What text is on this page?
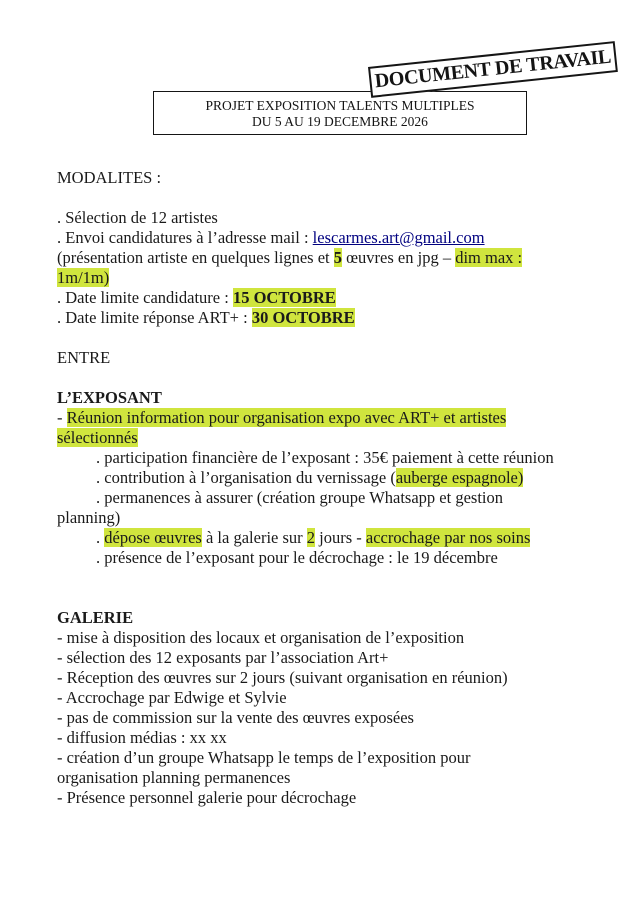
DOCUMENT DE TRAVAIL
PROJET EXPOSITION TALENTS MULTIPLES
DU 5 AU 19 DECEMBRE 2026
MODALITES :

. Sélection de 12 artistes
. Envoi candidatures à l’adresse mail : lescarmes.art@gmail.com
(présentation artiste en quelques lignes et 5 œuvres en jpg – dim max :
1m/1m)
. Date limite candidature : 15 OCTOBRE
. Date limite réponse ART+ : 30 OCTOBRE

ENTRE

L’EXPOSANT
- Réunion information pour organisation expo avec ART+ et artistes
sélectionnés
. participation financière de l’exposant : 35€ paiement à cette réunion
. contribution à l’organisation du vernissage (auberge espagnole)
. permanences à assurer (création groupe Whatsapp et gestion
planning)
. dépose œuvres à la galerie sur 2 jours - accrochage par nos soins
. présence de l’exposant pour le décrochage : le 19 décembre

GALERIE
- mise à disposition des locaux et organisation de l’exposition
- sélection des 12 exposants par l’association Art+
- Réception des œuvres sur 2 jours (suivant organisation en réunion)
- Accrochage par Edwige et Sylvie
- pas de commission sur la vente des œuvres exposées
- diffusion médias : xx xx
- création d’un groupe Whatsapp le temps de l’exposition pour
organisation planning permanences
- Présence personnel galerie pour décrochage
